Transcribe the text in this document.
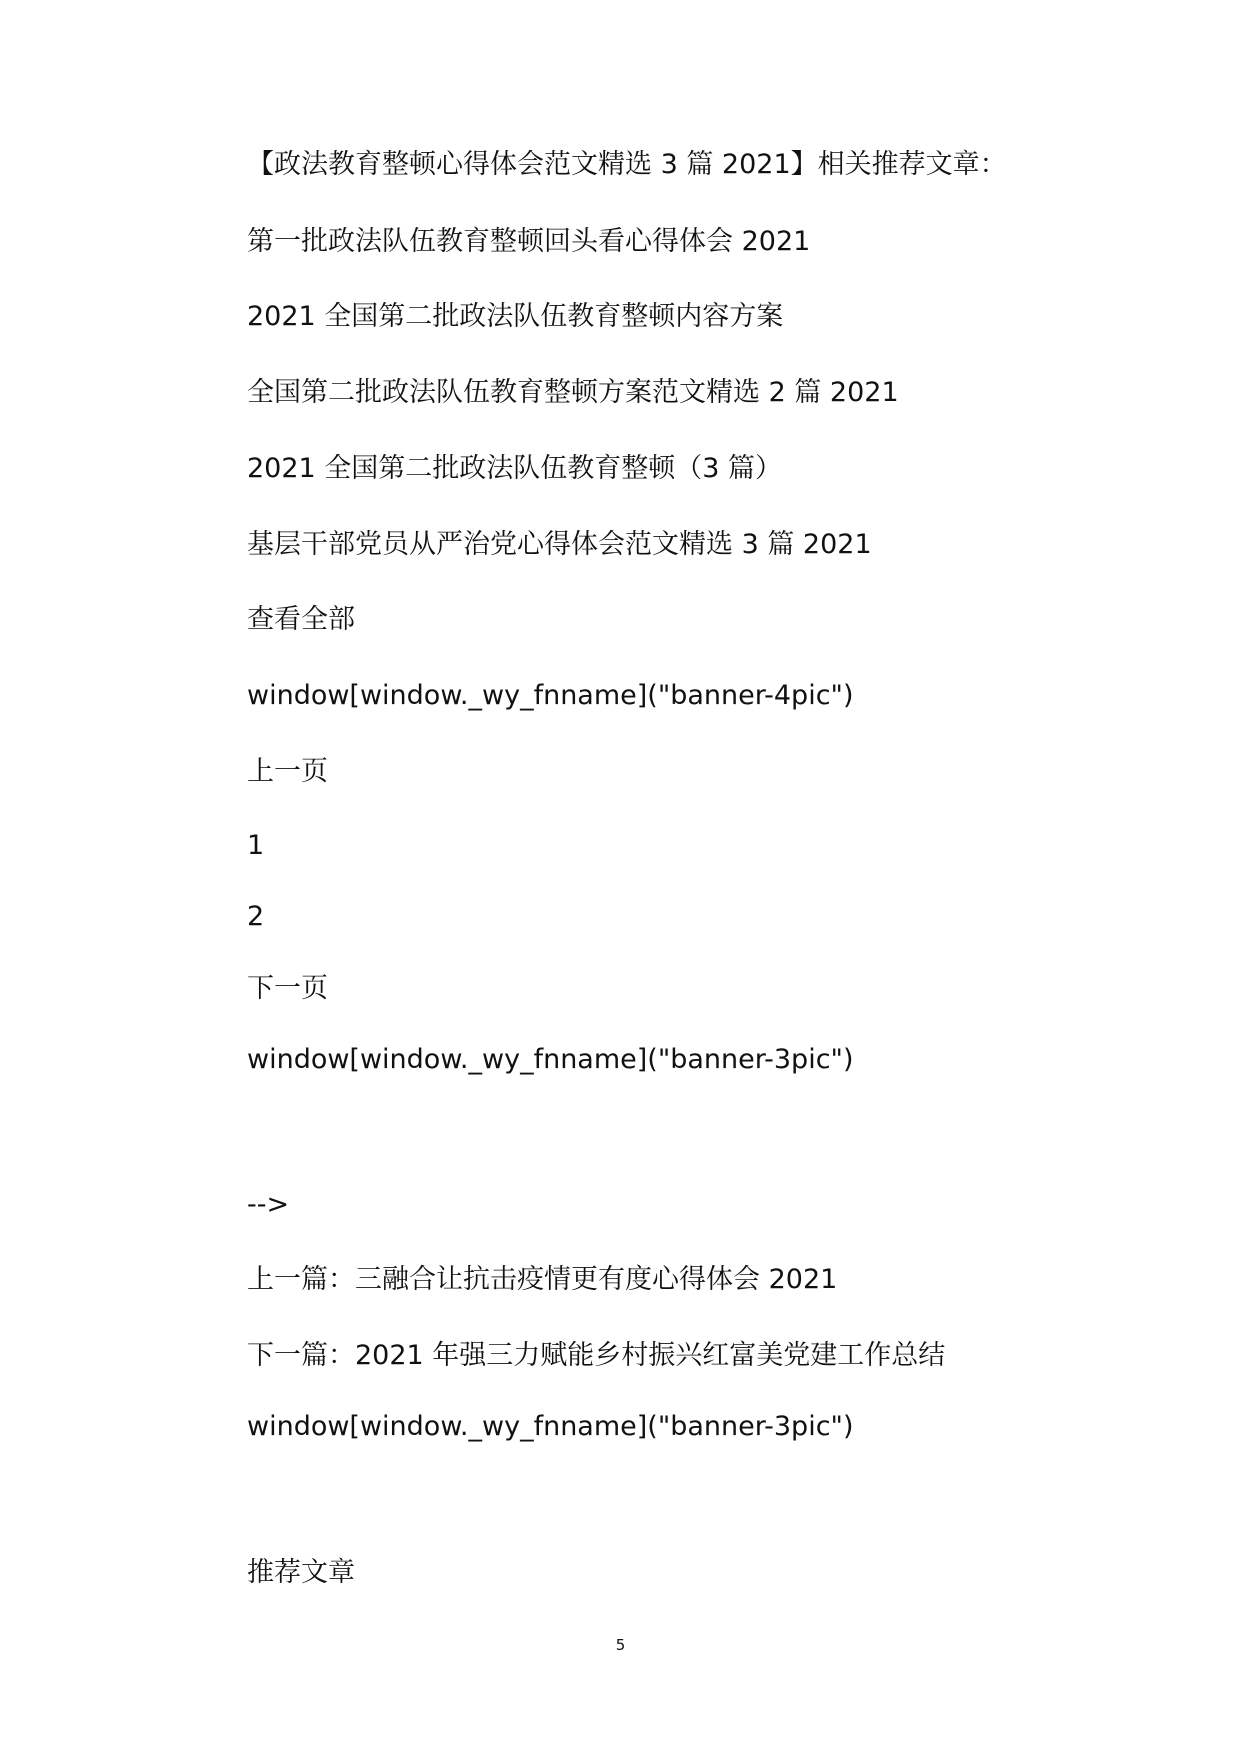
【政法教育整顿心得体会范文精选 3 篇 2021】相关推荐文章：
第一批政法队伍教育整顿回头看心得体会 2021
2021 全国第二批政法队伍教育整顿内容方案
全国第二批政法队伍教育整顿方案范文精选 2 篇 2021
2021 全国第二批政法队伍教育整顿（3 篇）
基层干部党员从严治党心得体会范文精选 3 篇 2021
查看全部
window[window._wy_fnname]("banner-4pic")
上一页
1
2
下一页
window[window._wy_fnname]("banner-3pic")
-->
上一篇：三融合让抗击疫情更有度心得体会 2021
下一篇：2021 年强三力赋能乡村振兴红富美党建工作总结
window[window._wy_fnname]("banner-3pic")
推荐文章
5
